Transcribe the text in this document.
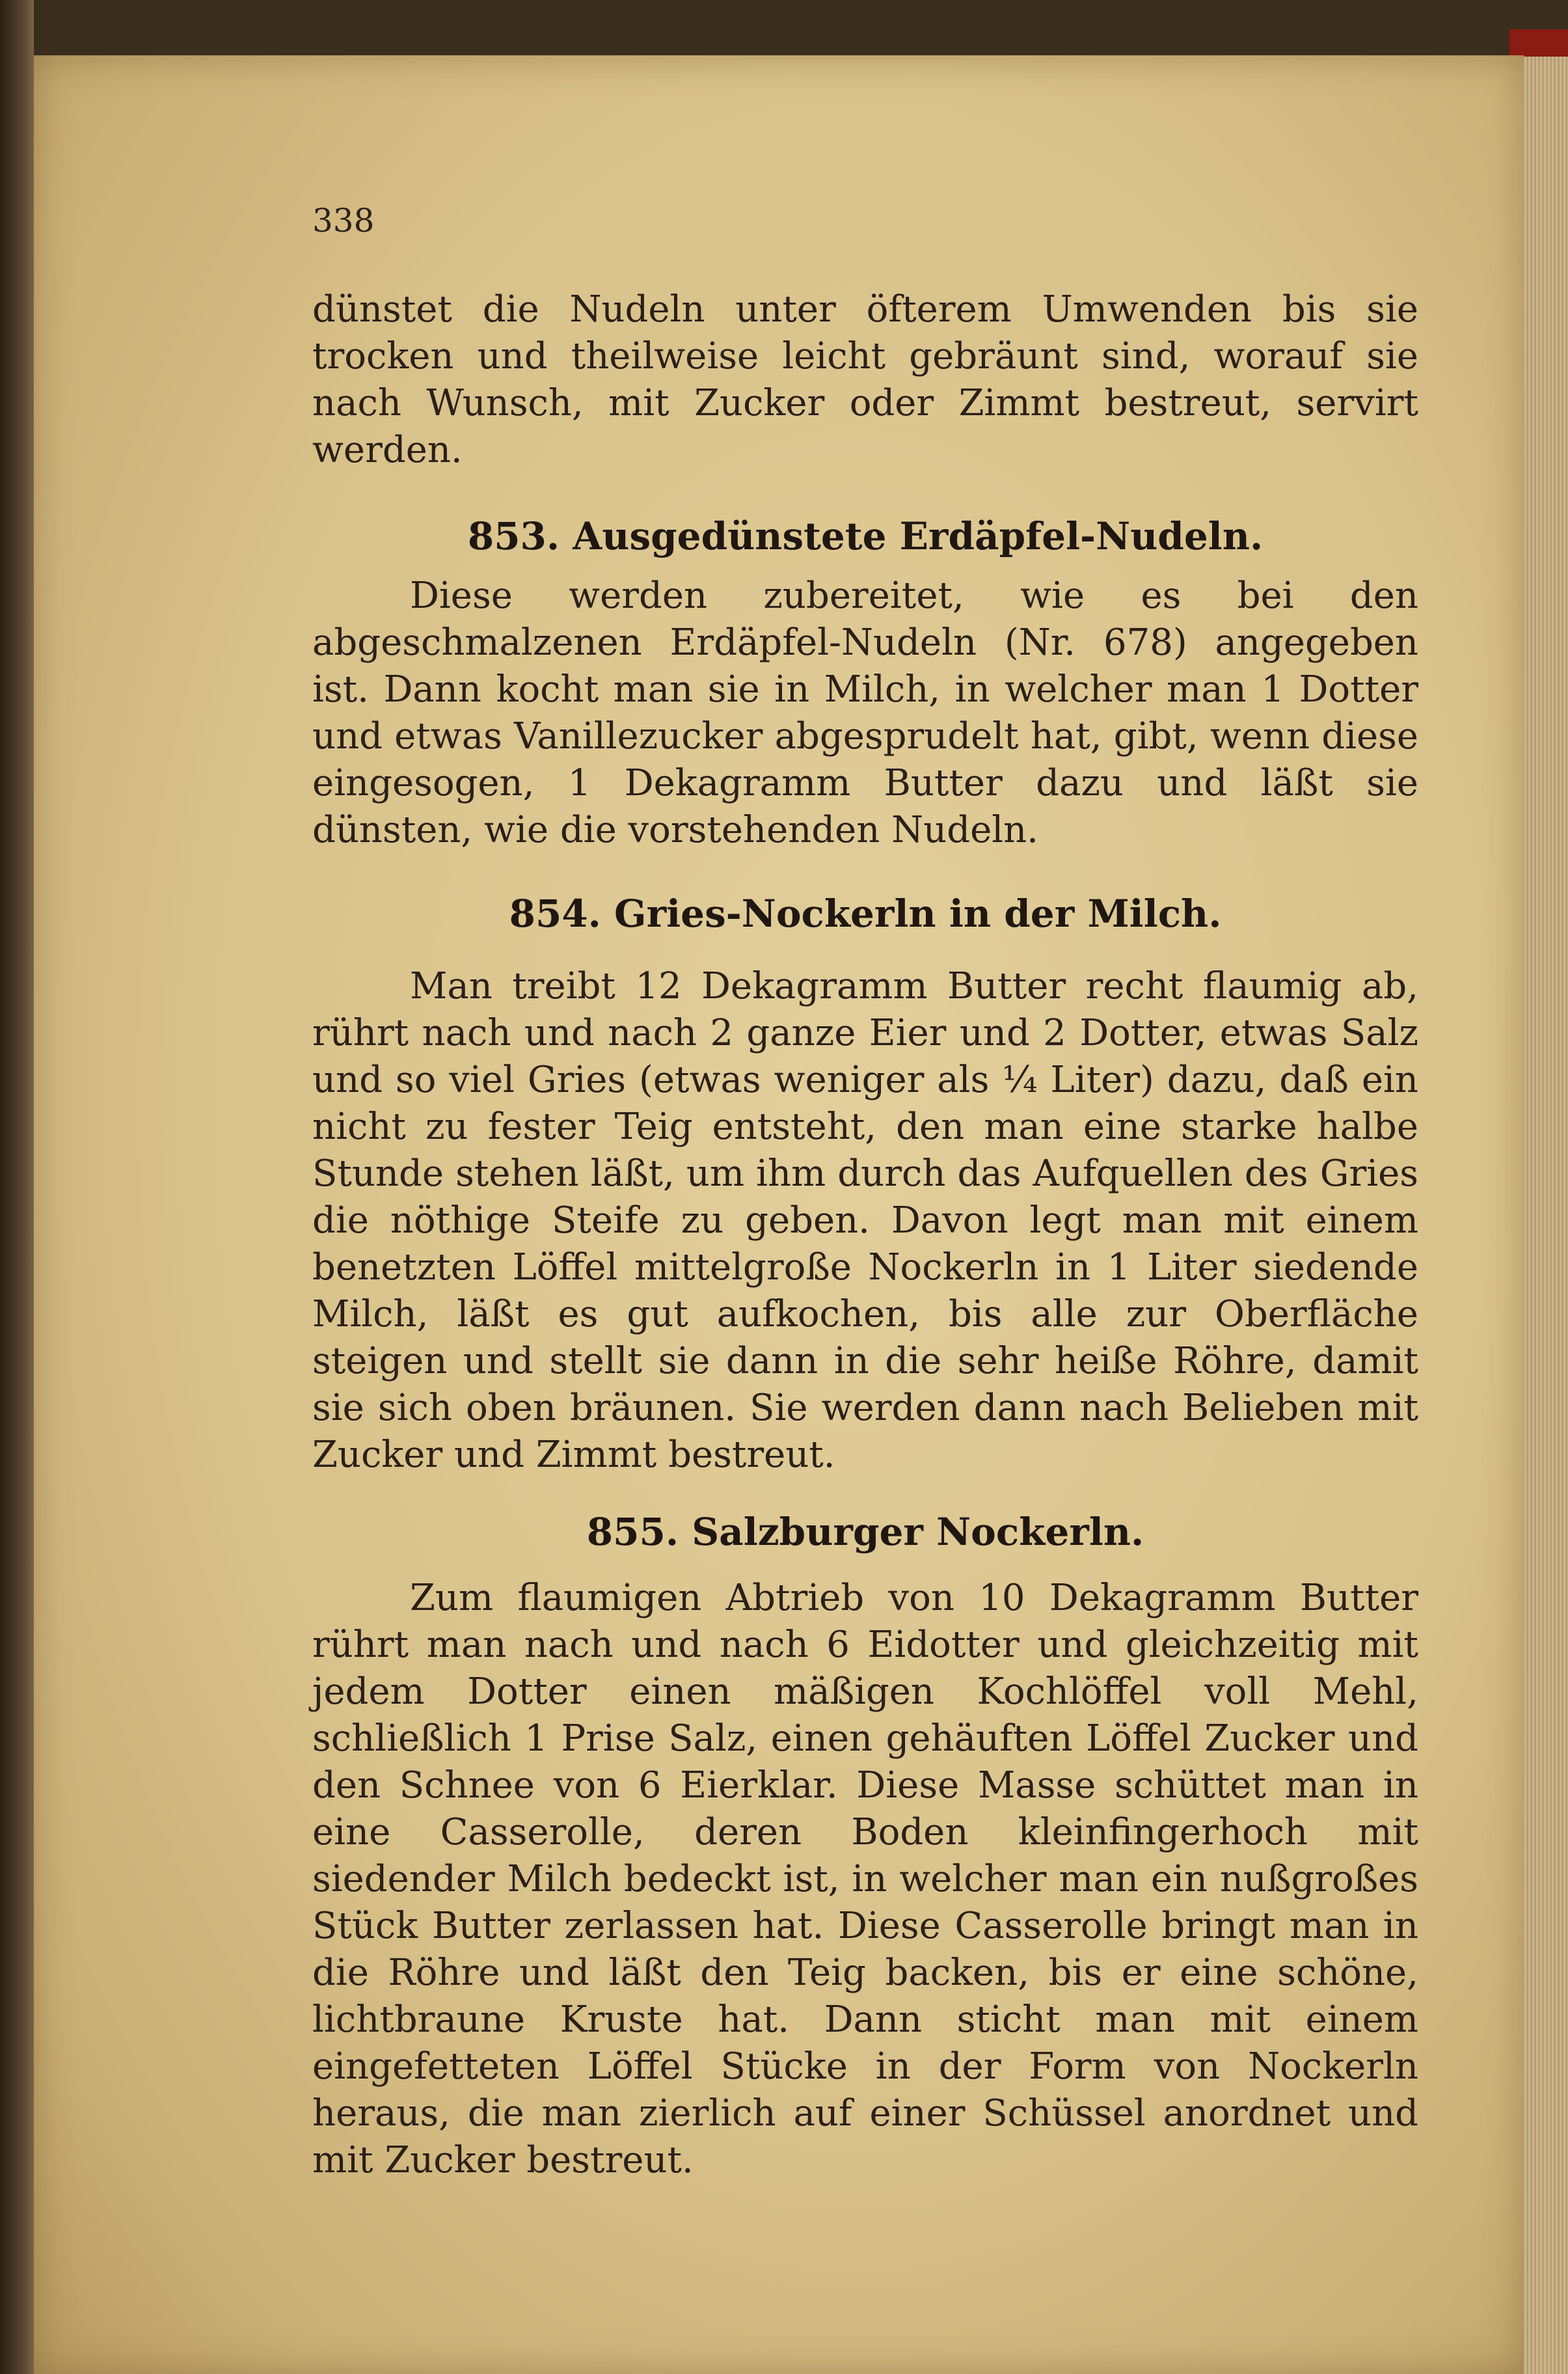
338

dünstet die Nudeln unter öfterem Umwenden bis sie trocken und theilweise leicht gebräunt sind, worauf sie nach Wunsch, mit Zucker oder Zimmt bestreut, servirt werden.

853. Ausgedünstete Erdäpfel-Nudeln.

Diese werden zubereitet, wie es bei den abgeschmalzenen Erdäpfel-Nudeln (Nr. 678) angegeben ist. Dann kocht man sie in Milch, in welcher man 1 Dotter und etwas Vanillezucker abgesprudelt hat, gibt, wenn diese eingesogen, 1 Dekagramm Butter dazu und läßt sie dünsten, wie die vorstehenden Nudeln.

854. Gries-Nockerln in der Milch.

Man treibt 12 Dekagramm Butter recht flaumig ab, rührt nach und nach 2 ganze Eier und 2 Dotter, etwas Salz und so viel Gries (etwas weniger als ¼ Liter) dazu, daß ein nicht zu fester Teig entsteht, den man eine starke halbe Stunde stehen läßt, um ihm durch das Aufquellen des Gries die nöthige Steife zu geben. Davon legt man mit einem benetzten Löffel mittelgroße Nockerln in 1 Liter siedende Milch, läßt es gut aufkochen, bis alle zur Oberfläche steigen und stellt sie dann in die sehr heiße Röhre, damit sie sich oben bräunen. Sie werden dann nach Belieben mit Zucker und Zimmt bestreut.

855. Salzburger Nockerln.

Zum flaumigen Abtrieb von 10 Dekagramm Butter rührt man nach und nach 6 Eidotter und gleichzeitig mit jedem Dotter einen mäßigen Kochlöffel voll Mehl, schließlich 1 Prise Salz, einen gehäuften Löffel Zucker und den Schnee von 6 Eierklar. Diese Masse schüttet man in eine Casserolle, deren Boden kleinfingerhoch mit siedender Milch bedeckt ist, in welcher man ein nußgroßes Stück Butter zerlassen hat. Diese Casserolle bringt man in die Röhre und läßt den Teig backen, bis er eine schöne, lichtbraune Kruste hat. Dann sticht man mit einem eingefetteten Löffel Stücke in der Form von Nockerln heraus, die man zierlich auf einer Schüssel anordnet und mit Zucker bestreut.
